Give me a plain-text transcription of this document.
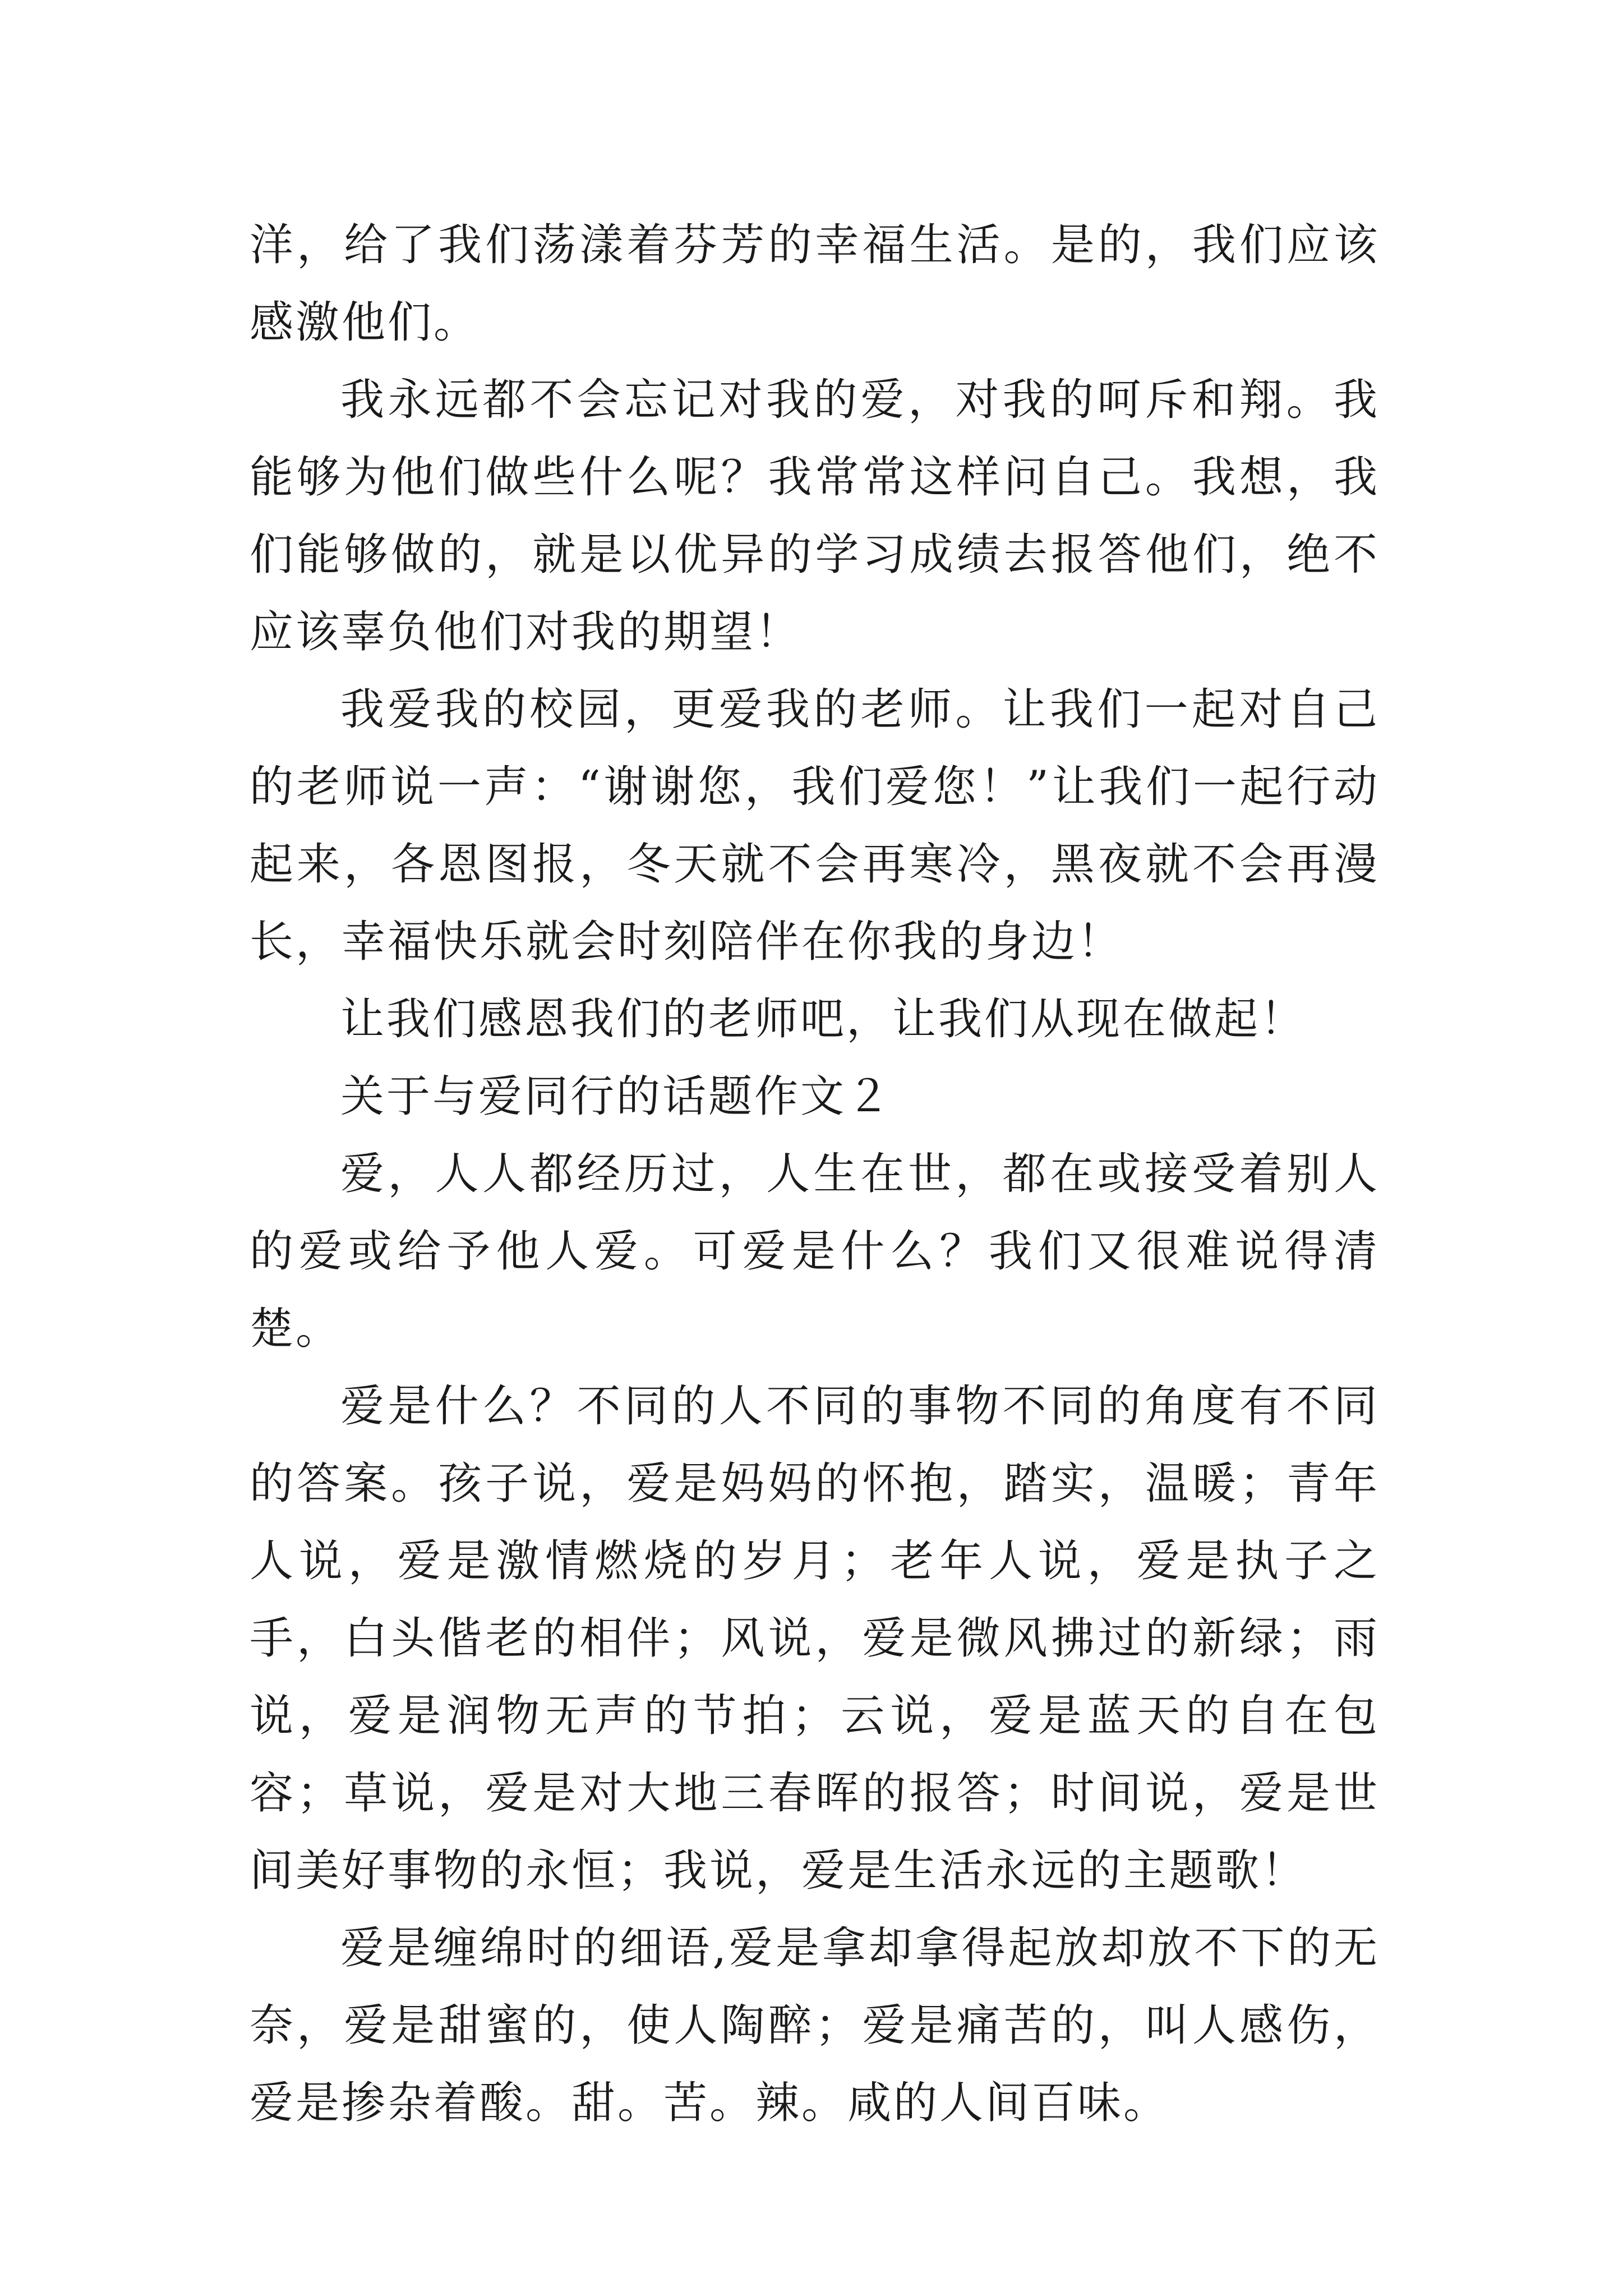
洋，给了我们荡漾着芬芳的幸福生活。是的，我们应该感激他们。

我永远都不会忘记对我的爱，对我的呵斥和翔。我能够为他们做些什么呢？我常常这样问自己。我想，我们能够做的，就是以优异的学习成绩去报答他们，绝不应该辜负他们对我的期望！

我爱我的校园，更爱我的老师。让我们一起对自己的老师说一声：“谢谢您，我们爱您！”让我们一起行动起来，各恩图报，冬天就不会再寒冷，黑夜就不会再漫长，幸福快乐就会时刻陪伴在你我的身边！

让我们感恩我们的老师吧，让我们从现在做起！

关于与爱同行的话题作文２

爱，人人都经历过，人生在世，都在或接受着别人的爱或给予他人爱。可爱是什么？我们又很难说得清楚。

爱是什么？不同的人不同的事物不同的角度有不同的答案。孩子说，爱是妈妈的怀抱，踏实，温暖；青年人说，爱是激情燃烧的岁月；老年人说，爱是执子之手，白头偕老的相伴；风说，爱是微风拂过的新绿；雨说，爱是润物无声的节拍；云说，爱是蓝天的自在包容；草说，爱是对大地三春晖的报答；时间说，爱是世间美好事物的永恒；我说，爱是生活永远的主题歌！

爱是缠绵时的细语,爱是拿却拿得起放却放不下的无奈，爱是甜蜜的，使人陶醉；爱是痛苦的，叫人感伤，爱是掺杂着酸。甜。苦。辣。咸的人间百味。
